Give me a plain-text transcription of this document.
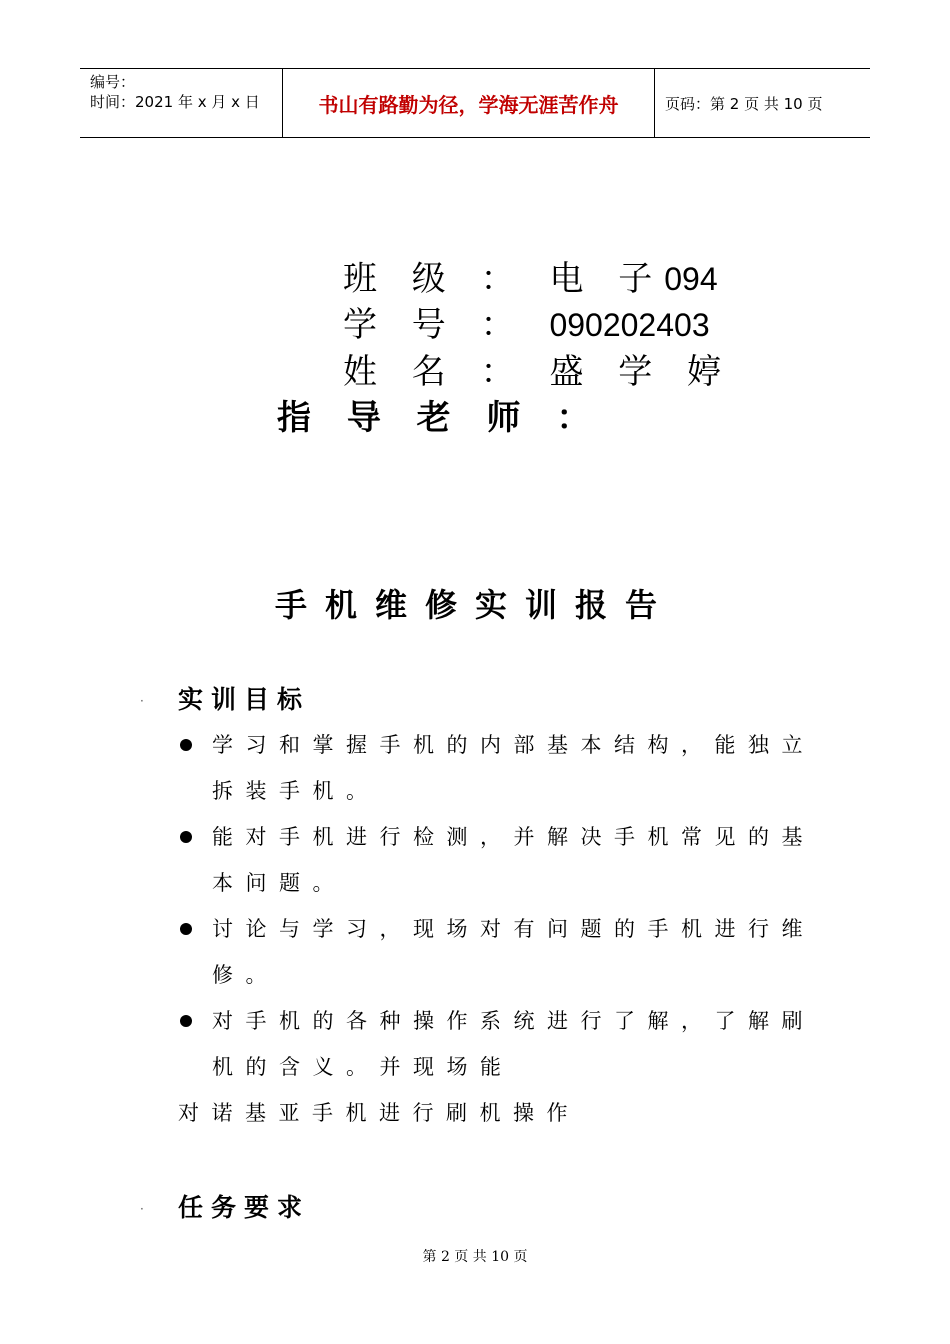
编号：
时间：2021 年 x 月 x 日	书山有路勤为径，学海无涯苦作舟	页码：第 2 页 共 10 页
班 级 ： 电 子094
学 号 ： 090202403
姓 名 ： 盛 学 婷
指 导 老 师 ：
手机维修实训报告
· 实训目标

学习和掌握手机的内部基本结构，能独立拆装手机。

能对手机进行检测，并解决手机常见的基本问题。

讨论与学习，现场对有问题的手机进行维修。

对手机的各种操作系统进行了解，了解刷机的含义。并现场能

对诺基亚手机进行刷机操作
· 任务要求
第 2 页 共 10 页
